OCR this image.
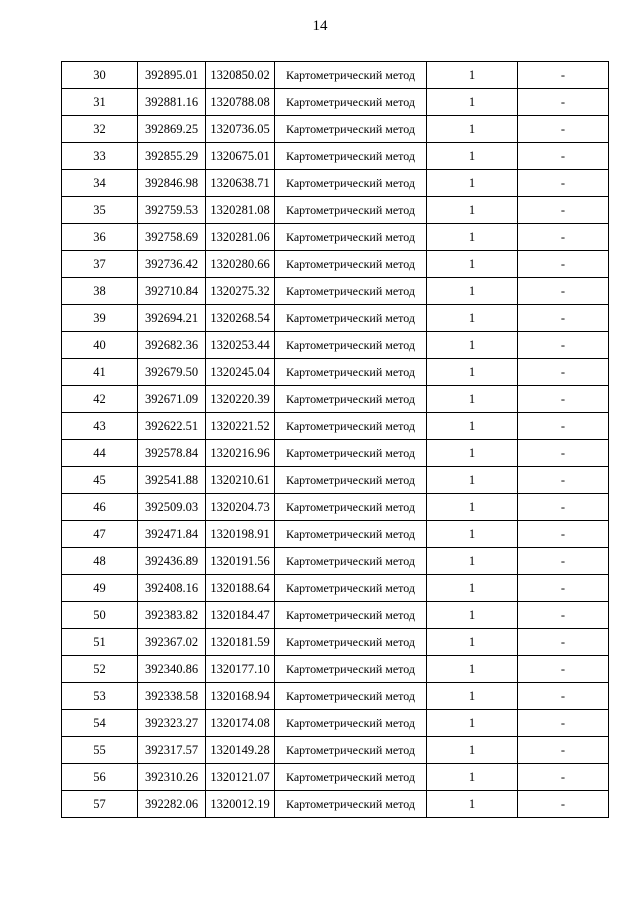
14
30	392895.01	1320850.02	Картометрический метод	1	-
31	392881.16	1320788.08	Картометрический метод	1	-
32	392869.25	1320736.05	Картометрический метод	1	-
33	392855.29	1320675.01	Картометрический метод	1	-
34	392846.98	1320638.71	Картометрический метод	1	-
35	392759.53	1320281.08	Картометрический метод	1	-
36	392758.69	1320281.06	Картометрический метод	1	-
37	392736.42	1320280.66	Картометрический метод	1	-
38	392710.84	1320275.32	Картометрический метод	1	-
39	392694.21	1320268.54	Картометрический метод	1	-
40	392682.36	1320253.44	Картометрический метод	1	-
41	392679.50	1320245.04	Картометрический метод	1	-
42	392671.09	1320220.39	Картометрический метод	1	-
43	392622.51	1320221.52	Картометрический метод	1	-
44	392578.84	1320216.96	Картометрический метод	1	-
45	392541.88	1320210.61	Картометрический метод	1	-
46	392509.03	1320204.73	Картометрический метод	1	-
47	392471.84	1320198.91	Картометрический метод	1	-
48	392436.89	1320191.56	Картометрический метод	1	-
49	392408.16	1320188.64	Картометрический метод	1	-
50	392383.82	1320184.47	Картометрический метод	1	-
51	392367.02	1320181.59	Картометрический метод	1	-
52	392340.86	1320177.10	Картометрический метод	1	-
53	392338.58	1320168.94	Картометрический метод	1	-
54	392323.27	1320174.08	Картометрический метод	1	-
55	392317.57	1320149.28	Картометрический метод	1	-
56	392310.26	1320121.07	Картометрический метод	1	-
57	392282.06	1320012.19	Картометрический метод	1	-
